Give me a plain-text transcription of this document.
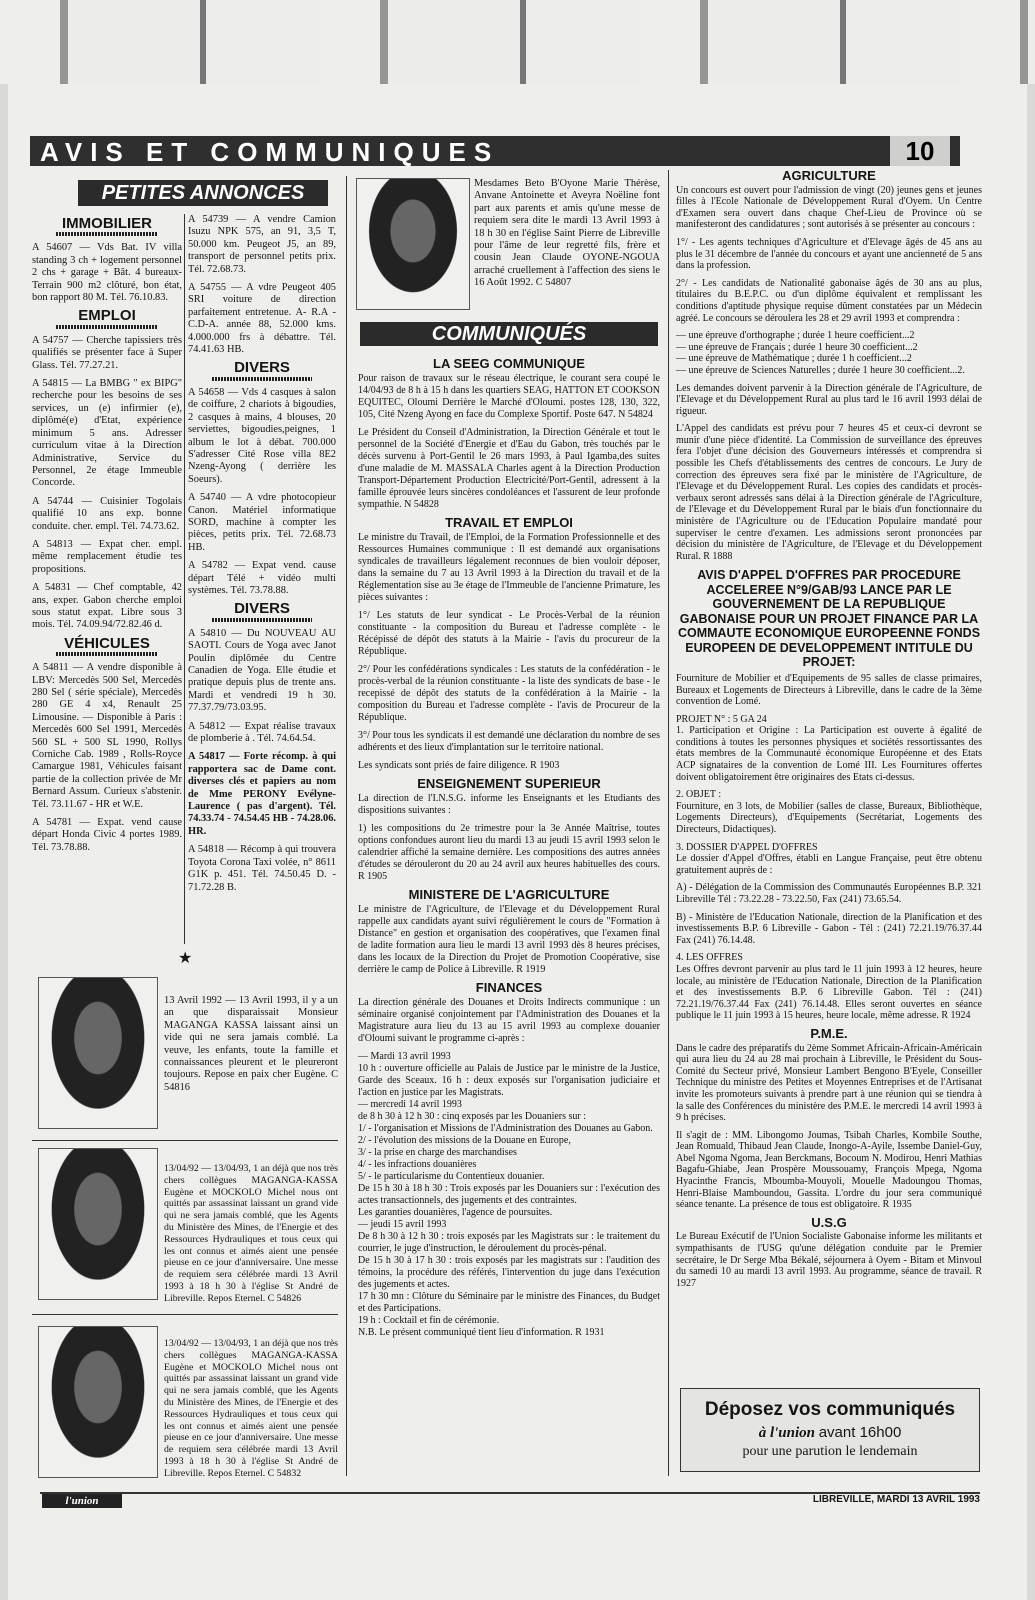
AVIS ET COMMUNIQUES	10
PETITES ANNONCES
IMMOBILIER

A 54607 — Vds Bat. IV villa standing 3 ch + logement personnel 2 chs + garage + Bât. 4 bureaux- Terrain 900 m2 clôturé, bon état, bon rapport 80 M. Tél. 76.10.83.

EMPLOI

A 54757 — Cherche tapissiers très qualifiés se présenter face à Super Glass. Tél. 77.27.21.

A 54815 — La BMBG " ex BIPG" recherche pour les besoins de ses services, un (e) infirmier (e), diplômé(e) d'Etat, expérience minimum 5 ans. Adresser curriculum vitae à la Direction Administrative, Service du Personnel, 2e étage Immeuble Concorde.

A 54744 — Cuisinier Togolais qualifié 10 ans exp. bonne conduite. cher. empl. Tél. 74.73.62.

A 54813 — Expat cher. empl. même remplacement étudie tes propositions.

A 54831 — Chef comptable, 42 ans, exper. Gabon cherche emploi sous statut expat. Libre sous 3 mois. Tél. 74.09.94/72.82.46 d.

VÉHICULES

A 54811 — A vendre disponible à LBV: Mercedès 500 Sel, Mercedès 280 Sel ( série spéciale), Mercedès 280 GE 4 x4, Renault 25 Limousine. — Disponible à Paris : Mercedès 600 Sel 1991, Mercedès 560 SL + 500 SL 1990, Rollys Corniche Cab. 1989 , Rolls-Royce Camargue 1981, Véhicules faisant partie de la collection privée de Mr Bernard Assum. Curieux s'abstenir. Tél. 73.11.67 - HR et W.E.

A 54781 — Expat. vend cause départ Honda Civic 4 portes 1989. Tél. 73.78.88.

A 54739 — A vendre Camion Isuzu NPK 575, an 91, 3,5 T, 50.000 km. Peugeot J5, an 89, transport de personnel petits prix. Tél. 72.68.73.

A 54755 — A vdre Peugeot 405 SRI voiture de direction parfaitement entretenue. A- R.A - C.D-A. année 88, 52.000 kms. 4.000.000 frs à débattre. Tél. 74.41.63 HB.

DIVERS

A 54658 — Vds 4 casques à salon de coiffure, 2 chariots à bigoudies, 2 casques à mains, 4 blouses, 20 serviettes, bigoudies,peignes, 1 album le lot à débat. 700.000 S'adresser Cité Rose villa 8E2 Nzeng-Ayong ( derrière les Soeurs).

A 54740 — A vdre photocopieur Canon. Matériel informatique SORD, machine à compter les pièces, petits prix. Tél. 72.68.73 HB.

A 54782 — Expat vend. cause départ Télé + vidéo multi systèmes. Tél. 73.78.88.

DIVERS

A 54810 — Du NOUVEAU AU SAOTI. Cours de Yoga avec Janot Poulin diplômée du Centre Canadien de Yoga. Elle étudie et pratique depuis plus de trente ans. Mardi et vendredi 19 h 30. 77.37.79/73.03.95.

A 54812 — Expat réalise travaux de plomberie à . Tél. 74.64.54.

A 54817 — Forte récomp. à qui rapportera sac de Dame cont. diverses clés et papiers au nom de Mme PERONY Evélyne-Laurence ( pas d'argent). Tél. 74.33.74 - 74.54.45 HB - 74.28.06. HR.

A 54818 — Récomp à qui trouvera Toyota Corona Taxi volée, n° 8611 G1K p. 451. Tél. 74.50.45 D. - 71.72.28 B.

★

13 Avril 1992 — 13 Avril 1993, il y a un an que disparaissait Monsieur MAGANGA KASSA laissant ainsi un vide qui ne sera jamais comblé. La veuve, les enfants, toute la famille et connaissances pleurent et le pleureront toujours. Repose en paix cher Eugène. C 54816

13/04/92 — 13/04/93, 1 an déjà que nos très chers collègues MAGANGA-KASSA Eugène et MOCKOLO Michel nous ont quittés par assassinat laissant un grand vide qui ne sera jamais comblé, que les Agents du Ministère des Mines, de l'Energie et des Ressources Hydrauliques et tous ceux qui les ont connus et aimés aient une pensée pieuse en ce jour d'anniversaire. Une messe de requiem sera célébrée mardi 13 Avril 1993 à 18 h 30 à l'église St André de Libreville. Repos Eternel. C 54826

13/04/92 — 13/04/93, 1 an déjà que nos très chers collègues MAGANGA-KASSA Eugène et MOCKOLO Michel nous ont quittés par assassinat laissant un grand vide qui ne sera jamais comblé, que les Agents du Ministère des Mines, de l'Energie et des Ressources Hydrauliques et tous ceux qui les ont connus et aimés aient une pensée pieuse en ce jour d'anniversaire. Une messe de requiem sera célébrée mardi 13 Avril 1993 à 18 h 30 à l'église St André de Libreville. Repos Eternel. C 54832

Mesdames Beto B'Oyone Marie Thérèse, Anvane Antoinette et Aveyra Noëline font part aux parents et amis qu'une messe de requiem sera dite le mardi 13 Avril 1993 à 18 h 30 en l'église Saint Pierre de Libreville pour l'âme de leur regretté fils, frère et cousin Jean Claude OYONE-NGOUA arraché cruellement à l'affection des siens le 16 Août 1992. C 54807

COMMUNIQUÉS
LA SEEG COMMUNIQUE

Pour raison de travaux sur le réseau électrique, le courant sera coupé le 14/04/93 de 8 h à 15 h dans les quartiers SEAG, HATTON ET COOKSON EQUITEC, Oloumi Derrière le Marché d'Oloumi. postes 128, 130, 322, 105, Cité Nzeng Ayong en face du Complexe Sportif. Poste 647. N 54824

Le Président du Conseil d'Administration, la Direction Générale et tout le personnel de la Société d'Energie et d'Eau du Gabon, très touchés par le décès survenu à Port-Gentil le 26 mars 1993, à Paul Igamba,des suites d'une maladie de M. MASSALA Charles agent à la Direction Production Transport-Département Production Electricité/Port-Gentil, adressent à la famille éprouvée leurs sincères condoléances et l'assurent de leur profonde sympathie. N 54828

TRAVAIL ET EMPLOI

Le ministre du Travail, de l'Emploi, de la Formation Professionnelle et des Ressources Humaines communique : Il est demandé aux organisations syndicales de travailleurs légalement reconnues de bien vouloir déposer, dans la semaine du 7 au 13 Avril 1993 à la Direction du travail et de la Réglementation sise au 3e étage de l'Immeuble de l'ancienne Primature, les pièces suivantes :

1°/ Les statuts de leur syndicat - Le Procès-Verbal de la réunion constituante - la composition du Bureau et l'adresse complète - le Récépissé de dépôt des statuts à la Mairie - l'avis du procureur de la République.

2°/ Pour les confédérations syndicales : Les statuts de la confédération - le procès-verbal de la réunion constituante - la liste des syndicats de base - le recepissé de dépôt des statuts de la confédération à la Mairie - la composition du Bureau et l'adresse complète - l'avis de Procureur de la République.

3°/ Pour tous les syndicats il est demandé une déclaration du nombre de ses adhérents et des lieux d'implantation sur le territoire national.

Les syndicats sont priés de faire diligence. R 1903

ENSEIGNEMENT SUPERIEUR

La direction de l'I.N.S.G. informe les Enseignants et les Etudiants des dispositions suivantes :

1) les compositions du 2e trimestre pour la 3e Année Maîtrise, toutes options confondues auront lieu du mardi 13 au jeudi 15 avril 1993 selon le calendrier affiché la semaine dernière. Les compositions des autres années d'études se dérouleront du 20 au 24 avril aux heures habituelles des cours. R 1905

MINISTERE DE L'AGRICULTURE

Le ministre de l'Agriculture, de l'Elevage et du Développement Rural rappelle aux candidats ayant suivi régulièrement le cours de "Formation à Distance" en gestion et organisation des coopératives, que l'examen final de ladite formation aura lieu le mardi 13 avril 1993 dès 8 heures précises, dans les locaux de la Direction du Projet de Promotion Coopérative, sise derrière le camp de Police à Libreville. R 1919

FINANCES

La direction générale des Douanes et Droits Indirects communique : un séminaire organisé conjointement par l'Administration des Douanes et la Magistrature aura lieu du 13 au 15 avril 1993 au complexe douanier d'Oloumi suivant le programme ci-après :

— Mardi 13 avril 1993
10 h : ouverture officielle au Palais de Justice par le ministre de la Justice, Garde des Sceaux. 16 h : deux exposés sur l'organisation judiciaire et l'action en justice par les Magistrats.
— mercredi 14 avril 1993
de 8 h 30 à 12 h 30 : cinq exposés par les Douaniers sur :
1/ - l'organisation et Missions de l'Administration des Douanes au Gabon.
2/ - l'évolution des missions de la Douane en Europe,
3/ - la prise en charge des marchandises
4/ - les infractions douanières
5/ - le particularisme du Contentieux douanier.
De 15 h 30 à 18 h 30 : Trois exposés par les Douaniers sur : l'exécution des actes transactionnels, des jugements et des contraintes.
Les garanties douanières, l'agence de poursuites.
— jeudi 15 avril 1993
De 8 h 30 à 12 h 30 : trois exposés par les Magistrats sur : le traitement du courrier, le juge d'instruction, le déroulement du procès-pénal.
De 15 h 30 à 17 h 30 : trois exposés par les magistrats sur : l'audition des témoins, la procédure des référés, l'intervention du juge dans l'exécution des jugements et actes.
17 h 30 mn : Clôture du Séminaire par le ministre des Finances, du Budget et des Participations.
19 h : Cocktail et fin de cérémonie.
N.B. Le présent communiqué tient lieu d'information. R 1931
AGRICULTURE

Un concours est ouvert pour l'admission de vingt (20) jeunes gens et jeunes filles à l'Ecole Nationale de Développement Rural d'Oyem. Un Centre d'Examen sera ouvert dans chaque Chef-Lieu de Province où se manifesteront des candidatures ; sont autorisés à se présenter au concours :

1°/ - Les agents techniques d'Agriculture et d'Elevage âgés de 45 ans au plus le 31 décembre de l'année du concours et ayant une ancienneté de 5 ans dans la profession.

2°/ - Les candidats de Nationalité gabonaise âgés de 30 ans au plus, titulaires du B.E.P.C. ou d'un diplôme équivalent et remplissant les conditions d'aptitude physique requise dûment constatées par un Médecin agréé. Le concours se déroulera les 28 et 29 avril 1993 et comprendra :

— une épreuve d'orthographe ; durée 1 heure coefficient...2
— une épreuve de Français ; durée 1 heure 30 coefficient...2
— une épreuve de Mathématique ; durée 1 h coefficient...2

— une épreuve de Sciences Naturelles ; durée 1 heure 30 coefficient...2.

Les demandes doivent parvenir à la Direction générale de l'Agriculture, de l'Elevage et du Développement Rural au plus tard le 16 avril 1993 délai de rigueur.

L'Appel des candidats est prévu pour 7 heures 45 et ceux-ci devront se munir d'une pièce d'identité. La Commission de surveillance des épreuves fera l'objet d'une décision des Gouverneurs intéressés et comprendra si possible les Chefs d'établissements des centres de concours. Le Jury de correction des épreuves sera fixé par le ministère de l'Agriculture, de l'Elevage et du Développement Rural. Les copies des candidats et procès-verbaux seront adressés sans délai à la Direction générale de l'Agriculture, de l'Elevage et du Développement Rural par le biais d'un fonctionnaire du ministère de l'Agriculture ou de l'Education Populaire mandaté pour superviser le centre d'examen. Les admissions seront prononcées par décision du ministère de l'Agriculture, de l'Elevage et du Développement Rural. R 1888

AVIS D'APPEL D'OFFRES PAR PROCEDURE ACCELEREE N°9/GAB/93 LANCE PAR LE GOUVERNEMENT DE LA REPUBLIQUE GABONAISE POUR UN PROJET FINANCE PAR LA COMMAUTE ECONOMIQUE EUROPEENNE FONDS EUROPEEN DE DEVELOPPEMENT INTITULE DU PROJET:

Fourniture de Mobilier et d'Equipements de 95 salles de classe primaires, Bureaux et Logements de Directeurs à Libreville, dans le cadre de la 3ème convention de Lomé.

PROJET N° : 5 GA 24

1. Participation et Origine : La Participation est ouverte à égalité de conditions à toutes les personnes physiques et sociétés ressortissantes des états membres de la Communauté économique Européenne et des Etats ACP signataires de la convention de Lomé III. Les Fournitures offertes doivent obligatoirement être originaires des Etats ci-dessus.

2. OBJET :

Fourniture, en 3 lots, de Mobilier (salles de classe, Bureaux, Bibliothèque, Logements Directeurs), d'Equipements (Secrétariat, Logements des Directeurs, Didactiques).

3. DOSSIER D'APPEL D'OFFRES

Le dossier d'Appel d'Offres, établi en Langue Française, peut être obtenu gratuitement auprès de :

A) - Délégation de la Commission des Communautés Européennes B.P. 321 Libreville Tél : 73.22.28 - 73.22.50, Fax (241) 73.65.54.

B) - Ministère de l'Education Nationale, direction de la Planification et des investissements B.P. 6 Libreville - Gabon - Tél : (241) 72.21.19/76.37.44 Fax (241) 76.14.48.

4. LES OFFRES

Les Offres devront parvenir au plus tard le 11 juin 1993 à 12 heures, heure locale, au ministère de l'Education Nationale, Direction de la Planification et des investissements B.P. 6 Libreville Gabon. Tél : (241) 72.21.19/76.37.44 Fax (241) 76.14.48. Elles seront ouvertes en séance publique le 11 juin 1993 à 15 heures, heure locale, même adresse. R 1924

P.M.E.

Dans le cadre des préparatifs du 2ème Sommet Africain-Africain-Américain qui aura lieu du 24 au 28 mai prochain à Libreville, le Président du Sous-Comité du Secteur privé, Monsieur Lambert Bengono B'Eyele, Conseiller Technique du ministre des Petites et Moyennes Entreprises et de l'Artisanat invite les promoteurs suivants à prendre part à une réunion qui se tiendra à la salle des Conférences du ministère des P.M.E. le mercredi 14 avril 1993 à 9 h précises.

Il s'agit de : MM. Libongomo Joumas, Tsibah Charles, Kombile Southe, Jean Romuald, Thibaud Jean Claude, Inongo-A-Ayile, Issembe Daniel-Guy, Abel Ngoma Ngoma, Jean Berckmans, Bocoum N. Modirou, Henri Mathias Bagafu-Ghiabe, Jean Prospère Moussouamy, François Mpega, Ngoma Hyacinthe Francis, Mboumba-Mouyoli, Mouelle Madoungou Thomas, Henri-Blaise Mamboundou, Gassita. L'ordre du jour sera communiqué séance tenante. La présence de tous est obligatoire. R 1935

U.S.G

Le Bureau Exécutif de l'Union Socialiste Gabonaise informe les militants et sympathisants de l'USG qu'une délégation conduite par le Premier secrétaire, le Dr Serge Mba Békalé, séjournera à Oyem - Bitam et Minvoul du samedi 10 au mardi 13 avril 1993. Au programme, séance de travail. R 1927

Déposez vos communiqués
à l'union avant 16h00
pour une parution le lendemain
l'union	LIBREVILLE, MARDI 13 AVRIL 1993
